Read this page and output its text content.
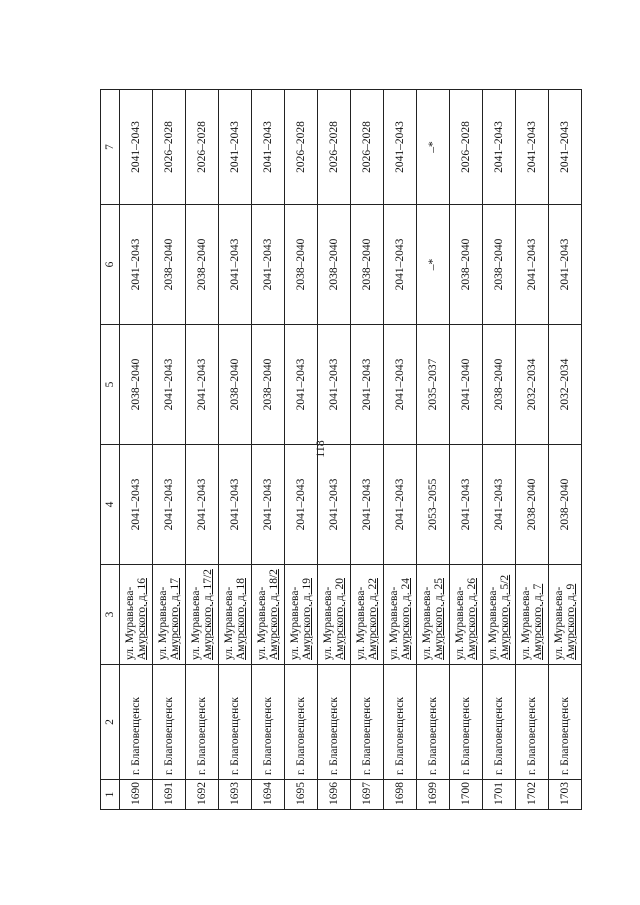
118
1	2	3	4	5	6	7
1690	г. Благовещенск	ул. Муравьева- Амурского, д. 16	2041–2043	2038–2040	2041–2043	2041–2043
1691	г. Благовещенск	ул. Муравьева- Амурского, д. 17	2041–2043	2041–2043	2038–2040	2026–2028
1692	г. Благовещенск	ул. Муравьева- Амурского, д. 17/2	2041–2043	2041–2043	2038–2040	2026–2028
1693	г. Благовещенск	ул. Муравьева- Амурского, д. 18	2041–2043	2038–2040	2041–2043	2041–2043
1694	г. Благовещенск	ул. Муравьева- Амурского, д. 18/2	2041–2043	2038–2040	2041–2043	2041–2043
1695	г. Благовещенск	ул. Муравьева- Амурского, д. 19	2041–2043	2041–2043	2038–2040	2026–2028
1696	г. Благовещенск	ул. Муравьева- Амурского, д. 20	2041–2043	2041–2043	2038–2040	2026–2028
1697	г. Благовещенск	ул. Муравьева- Амурского, д. 22	2041–2043	2041–2043	2038–2040	2026–2028
1698	г. Благовещенск	ул. Муравьева- Амурского, д. 24	2041–2043	2041–2043	2041–2043	2041–2043
1699	г. Благовещенск	ул. Муравьева- Амурского, д. 25	2053–2055	2035–2037	–*	–*
1700	г. Благовещенск	ул. Муравьева- Амурского, д. 26	2041–2043	2041–2040	2038–2040	2026–2028
1701	г. Благовещенск	ул. Муравьева- Амурского, д. 5/2	2041–2043	2038–2040	2038–2040	2041–2043
1702	г. Благовещенск	ул. Муравьева- Амурского, д. 7	2038–2040	2032–2034	2041–2043	2041–2043
1703	г. Благовещенск	ул. Муравьева- Амурского, д. 9	2038–2040	2032–2034	2041–2043	2041–2043
